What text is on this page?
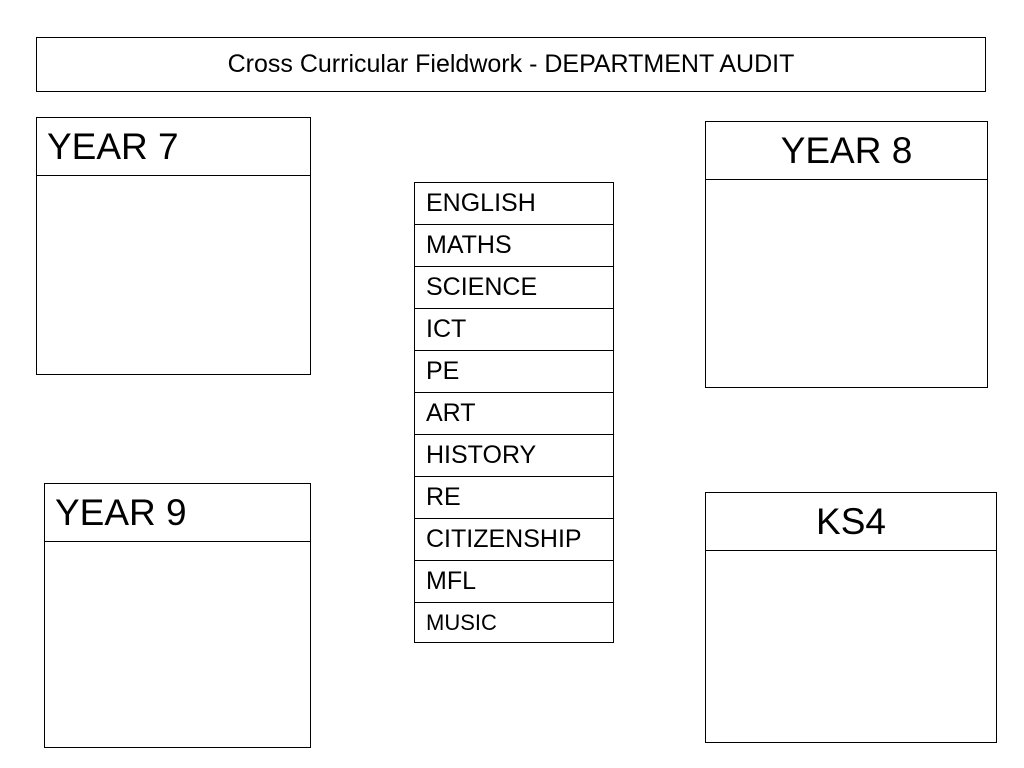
Cross Curricular Fieldwork - DEPARTMENT AUDIT
YEAR 7	YEAR 8
YEAR 9	KS4
ENGLISH
MATHS
SCIENCE
ICT
PE
ART
HISTORY
RE
CITIZENSHIP
MFL
MUSIC
